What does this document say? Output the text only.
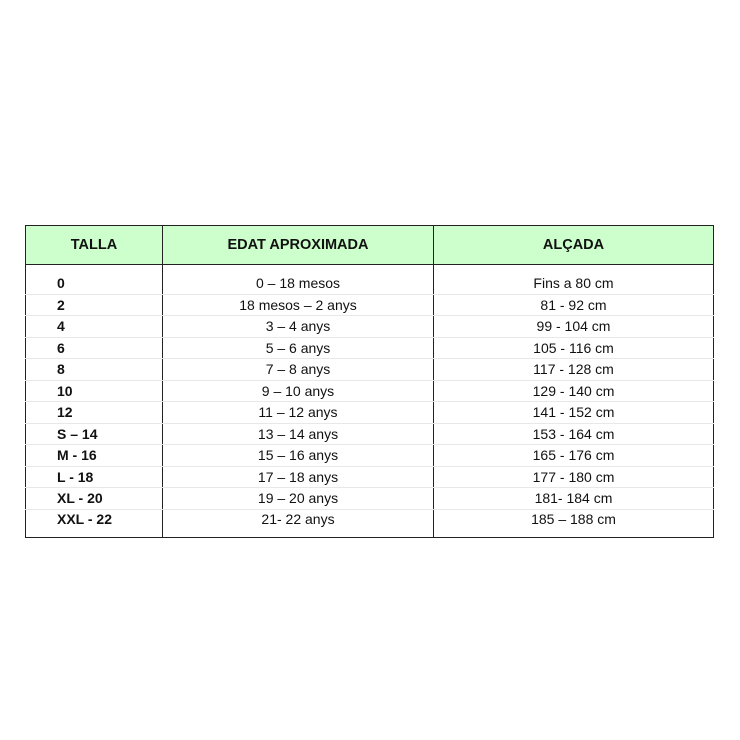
TALLA	EDAT APROXIMADA	ALÇADA

0	0 – 18 mesos	Fins a 80 cm
2	18 mesos – 2 anys	81 - 92 cm
4	3 – 4 anys	99 - 104 cm
6	5 – 6 anys	105 - 116 cm
8	7 – 8 anys	117 - 128 cm
10	9 – 10 anys	129 - 140 cm
12	11 – 12 anys	141 - 152 cm
S – 14	13 – 14 anys	153 - 164 cm
M - 16	15 – 16 anys	165 - 176 cm
L - 18	17 – 18 anys	177 - 180 cm
XL - 20	19 – 20 anys	181- 184 cm
XXL - 22	21- 22 anys	185 – 188 cm
